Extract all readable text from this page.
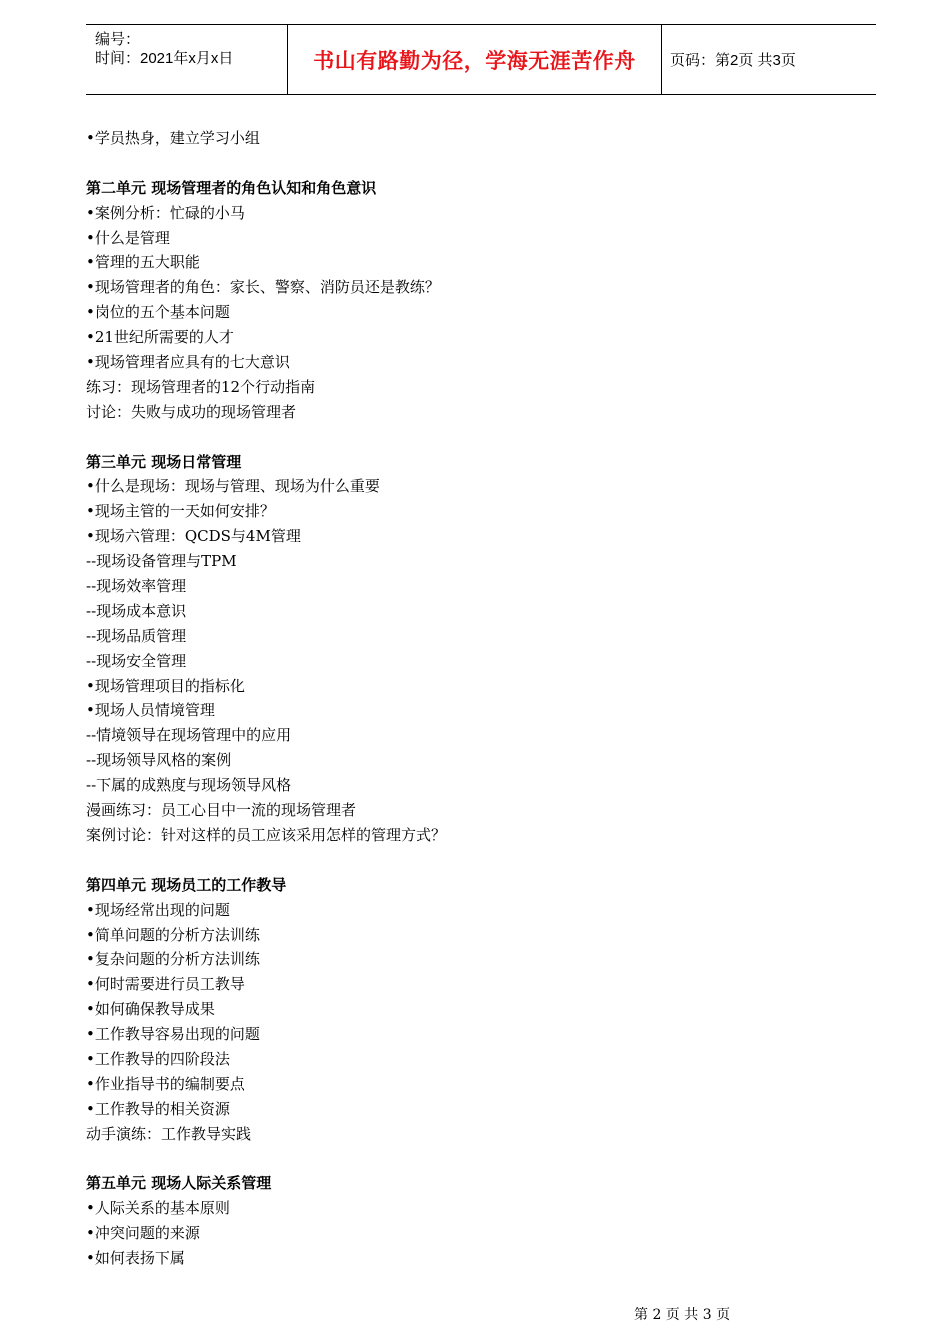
编号：
时间：2021年x月x日	书山有路勤为径，学海无涯苦作舟 页码：第2页 共3页
•学员热身，建立学习小组
第二单元 现场管理者的角色认知和角色意识
•案例分析：忙碌的小马
•什么是管理
•管理的五大职能
•现场管理者的角色：家长、警察、消防员还是教练？
•岗位的五个基本问题
•21世纪所需要的人才
•现场管理者应具有的七大意识
练习：现场管理者的12个行动指南
讨论：失败与成功的现场管理者
第三单元 现场日常管理
•什么是现场：现场与管理、现场为什么重要
•现场主管的一天如何安排？
•现场六管理：QCDS与4M管理
--现场设备管理与TPM
--现场效率管理
--现场成本意识
--现场品质管理
--现场安全管理
•现场管理项目的指标化
•现场人员情境管理
--情境领导在现场管理中的应用
--现场领导风格的案例
--下属的成熟度与现场领导风格
漫画练习：员工心目中一流的现场管理者
案例讨论：针对这样的员工应该采用怎样的管理方式？
第四单元 现场员工的工作教导
•现场经常出现的问题
•简单问题的分析方法训练
•复杂问题的分析方法训练
•何时需要进行员工教导
•如何确保教导成果
•工作教导容易出现的问题
•工作教导的四阶段法
•作业指导书的编制要点
•工作教导的相关资源
动手演练：工作教导实践
第五单元 现场人际关系管理
•人际关系的基本原则
•冲突问题的来源
•如何表扬下属
第 2 页 共 3 页
